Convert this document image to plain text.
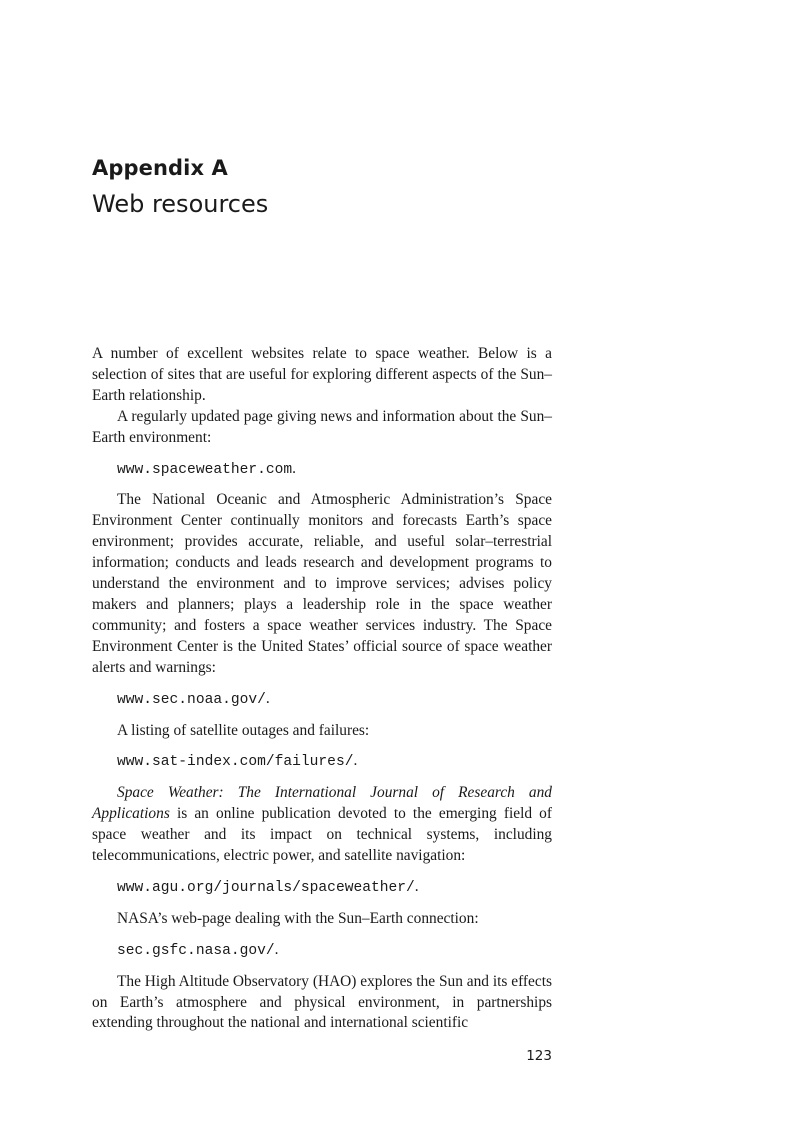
Appendix A
Web resources

A number of excellent websites relate to space weather. Below is a selection of sites that are useful for exploring different aspects of the Sun–Earth relationship.

A regularly updated page giving news and information about the Sun–Earth environment:

www.spaceweather.com.

The National Oceanic and Atmospheric Administration’s Space Environment Center continually monitors and forecasts Earth’s space environment; provides accurate, reliable, and useful solar–terrestrial information; conducts and leads research and development programs to understand the environment and to improve services; advises policy makers and planners; plays a leadership role in the space weather community; and fosters a space weather services industry. The Space Environment Center is the United States’ official source of space weather alerts and warnings:

www.sec.noaa.gov/.

A listing of satellite outages and failures:

www.sat-index.com/failures/.

Space Weather: The International Journal of Research and Applications is an online publication devoted to the emerging field of space weather and its impact on technical systems, including telecommunications, electric power, and satellite navigation:

www.agu.org/journals/spaceweather/.

NASA’s web-page dealing with the Sun–Earth connection:

sec.gsfc.nasa.gov/.

The High Altitude Observatory (HAO) explores the Sun and its effects on Earth’s atmosphere and physical environment, in partnerships extending throughout the national and international scientific

123
